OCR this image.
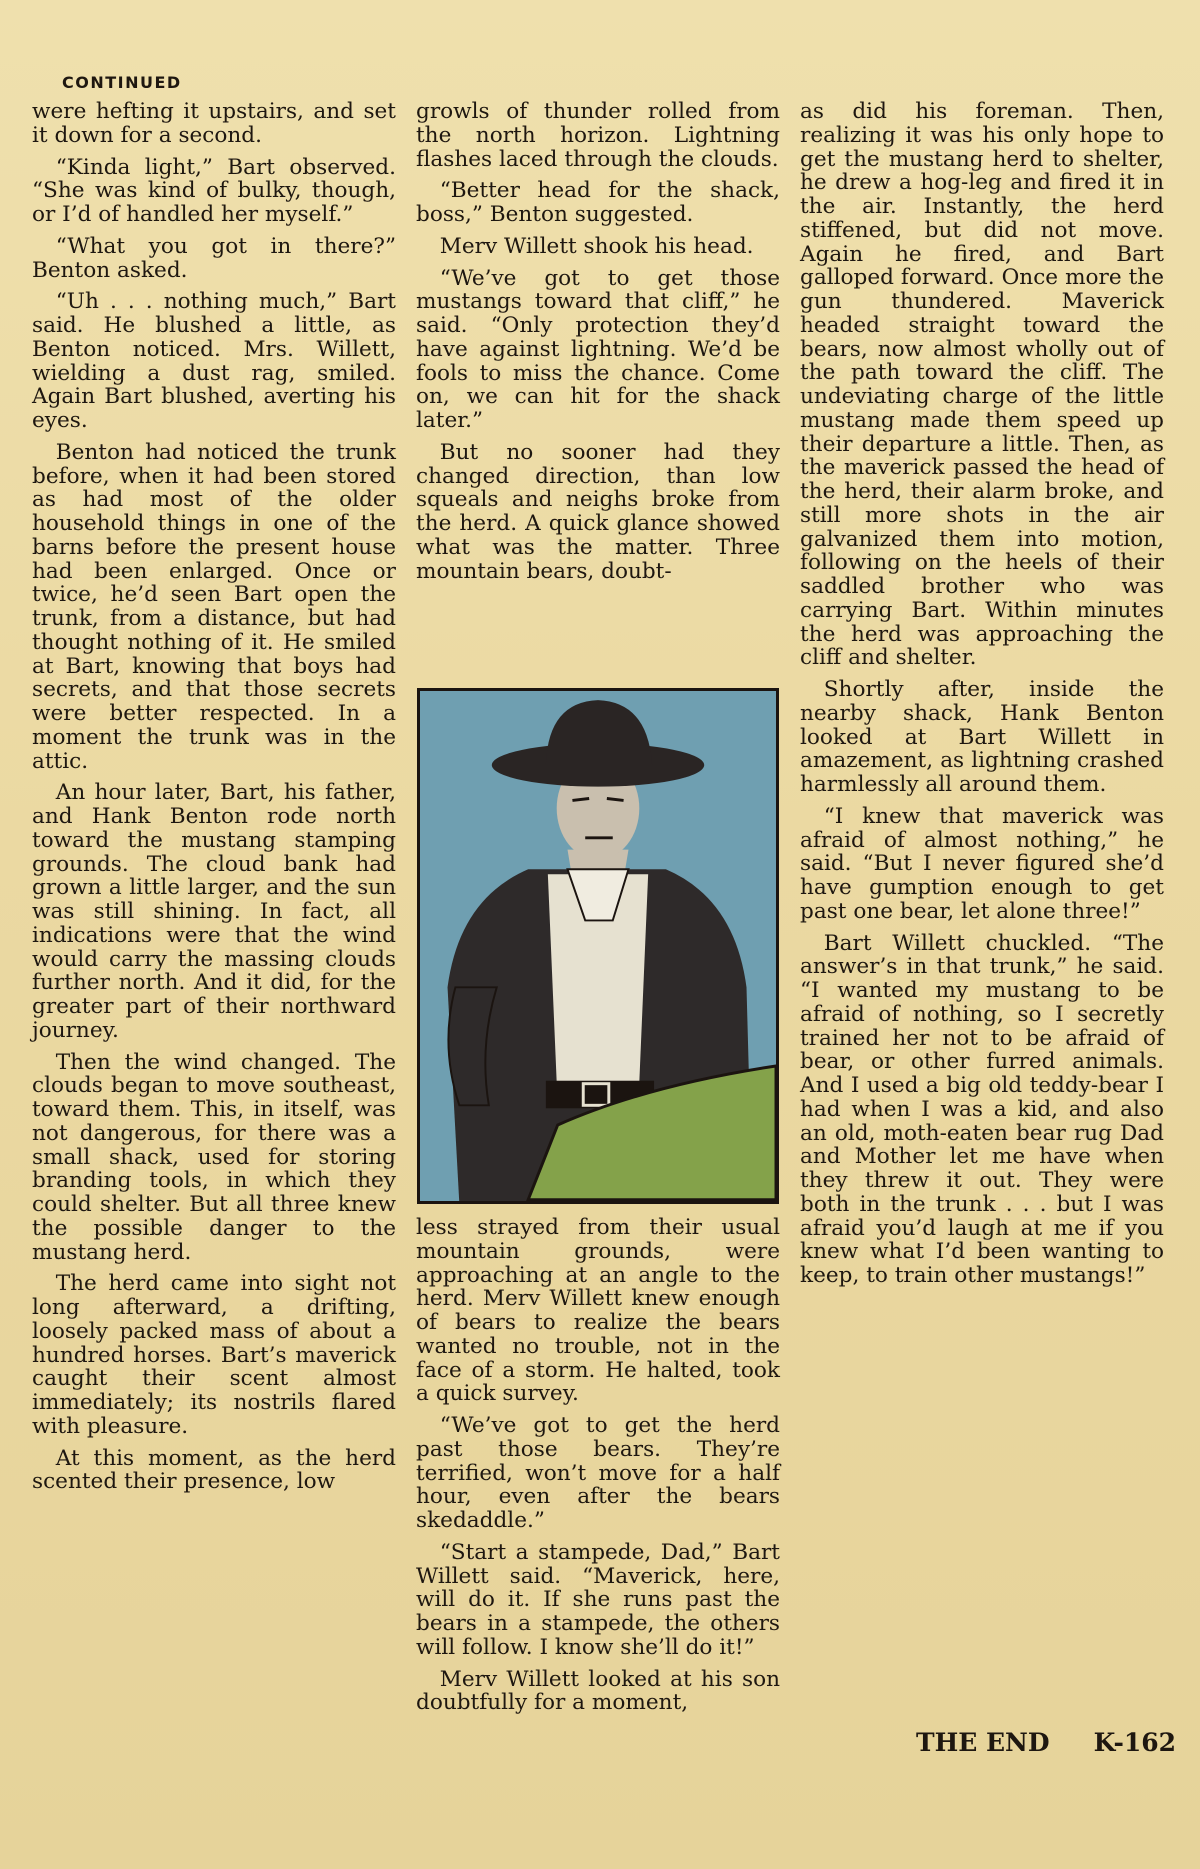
CONTINUED

were hefting it upstairs, and set it down for a second.

“Kinda light,” Bart observed. “She was kind of bulky, though, or I’d of handled her myself.”

“What you got in there?” Benton asked.

“Uh . . . nothing much,” Bart said. He blushed a little, as Benton noticed. Mrs. Willett, wielding a dust rag, smiled. Again Bart blushed, averting his eyes.

Benton had noticed the trunk before, when it had been stored as had most of the older household things in one of the barns before the present house had been enlarged. Once or twice, he’d seen Bart open the trunk, from a distance, but had thought nothing of it. He smiled at Bart, knowing that boys had secrets, and that those secrets were better respected. In a moment the trunk was in the attic.

An hour later, Bart, his father, and Hank Benton rode north toward the mustang stamping grounds. The cloud bank had grown a little larger, and the sun was still shining. In fact, all indications were that the wind would carry the massing clouds further north. And it did, for the greater part of their northward journey.

Then the wind changed. The clouds began to move southeast, toward them. This, in itself, was not dangerous, for there was a small shack, used for storing branding tools, in which they could shelter. But all three knew the possible danger to the mustang herd.

The herd came into sight not long afterward, a drifting, loosely packed mass of about a hundred horses. Bart’s maverick caught their scent almost immediately; its nostrils flared with pleasure.

At this moment, as the herd scented their presence, low

growls of thunder rolled from the north horizon. Lightning flashes laced through the clouds.

“Better head for the shack, boss,” Benton suggested.

Merv Willett shook his head.

“We’ve got to get those mustangs toward that cliff,” he said. “Only protection they’d have against lightning. We’d be fools to miss the chance. Come on, we can hit for the shack later.”

But no sooner had they changed direction, than low squeals and neighs broke from the herd. A quick glance showed what was the matter. Three mountain bears, doubt-

less strayed from their usual mountain grounds, were approaching at an angle to the herd. Merv Willett knew enough of bears to realize the bears wanted no trouble, not in the face of a storm. He halted, took a quick survey.

“We’ve got to get the herd past those bears. They’re terrified, won’t move for a half hour, even after the bears skedaddle.”

“Start a stampede, Dad,” Bart Willett said. “Maverick, here, will do it. If she runs past the bears in a stampede, the others will follow. I know she’ll do it!”

Merv Willett looked at his son doubtfully for a moment,

as did his foreman. Then, realizing it was his only hope to get the mustang herd to shelter, he drew a hog-leg and fired it in the air. Instantly, the herd stiffened, but did not move. Again he fired, and Bart galloped forward. Once more the gun thundered. Maverick headed straight toward the bears, now almost wholly out of the path toward the cliff. The undeviating charge of the little mustang made them speed up their departure a little. Then, as the maverick passed the head of the herd, their alarm broke, and still more shots in the air galvanized them into motion, following on the heels of their saddled brother who was carrying Bart. Within minutes the herd was approaching the cliff and shelter.

Shortly after, inside the nearby shack, Hank Benton looked at Bart Willett in amazement, as lightning crashed harmlessly all around them.

“I knew that maverick was afraid of almost nothing,” he said. “But I never figured she’d have gumption enough to get past one bear, let alone three!”

Bart Willett chuckled. “The answer’s in that trunk,” he said. “I wanted my mustang to be afraid of nothing, so I secretly trained her not to be afraid of bear, or other furred animals. And I used a big old teddy-bear I had when I was a kid, and also an old, moth-eaten bear rug Dad and Mother let me have when they threw it out. They were both in the trunk . . . but I was afraid you’d laugh at me if you knew what I’d been wanting to keep, to train other mustangs!”

THE END K-162
